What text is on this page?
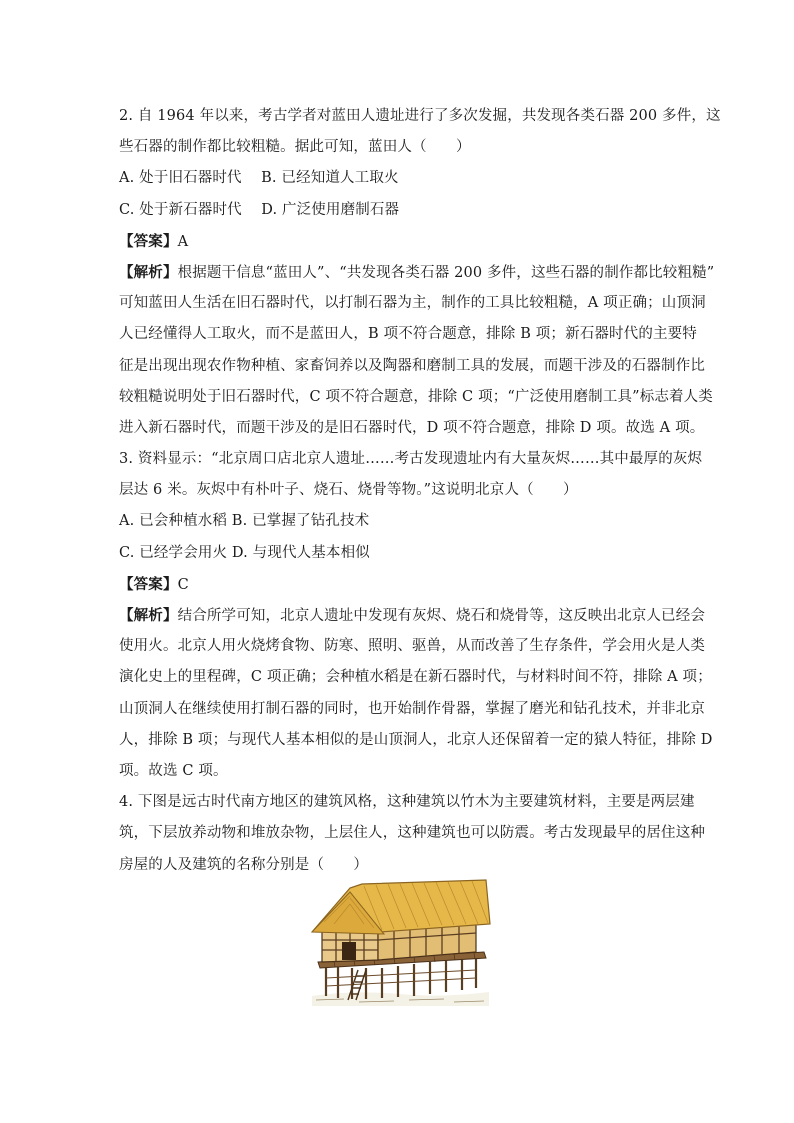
2. 自 1964 年以来，考古学者对蓝田人遗址进行了多次发掘，共发现各类石器 200 多件，这
些石器的制作都比较粗糙。据此可知，蓝田人（　　）
A. 处于旧石器时代　 B. 已经知道人工取火
C. 处于新石器时代　 D. 广泛使用磨制石器
【答案】A
【解析】根据题干信息“蓝田人”、“共发现各类石器 200 多件，这些石器的制作都比较粗糙”
可知蓝田人生活在旧石器时代，以打制石器为主，制作的工具比较粗糙，A 项正确；山顶洞
人已经懂得人工取火，而不是蓝田人，B 项不符合题意，排除 B 项；新石器时代的主要特
征是出现出现农作物种植、家畜饲养以及陶器和磨制工具的发展，而题干涉及的石器制作比
较粗糙说明处于旧石器时代，C 项不符合题意，排除 C 项；“广泛使用磨制工具”标志着人类
进入新石器时代，而题干涉及的是旧石器时代，D 项不符合题意，排除 D 项。故选 A 项。
3. 资料显示：“北京周口店北京人遗址……考古发现遗址内有大量灰烬……其中最厚的灰烬
层达 6 米。灰烬中有朴叶子、烧石、烧骨等物。”这说明北京人（　　）
A. 已会种植水稻 B. 已掌握了钻孔技术
C. 已经学会用火 D. 与现代人基本相似
【答案】C
【解析】结合所学可知，北京人遗址中发现有灰烬、烧石和烧骨等，这反映出北京人已经会
使用火。北京人用火烧烤食物、防寒、照明、驱兽，从而改善了生存条件，学会用火是人类
演化史上的里程碑，C 项正确；会种植水稻是在新石器时代，与材料时间不符，排除 A 项；
山顶洞人在继续使用打制石器的同时，也开始制作骨器，掌握了磨光和钻孔技术，并非北京
人，排除 B 项；与现代人基本相似的是山顶洞人，北京人还保留着一定的猿人特征，排除 D
项。故选 C 项。
4. 下图是远古时代南方地区的建筑风格，这种建筑以竹木为主要建筑材料，主要是两层建
筑，下层放养动物和堆放杂物，上层住人，这种建筑也可以防震。考古发现最早的居住这种
房屋的人及建筑的名称分别是（　　）
